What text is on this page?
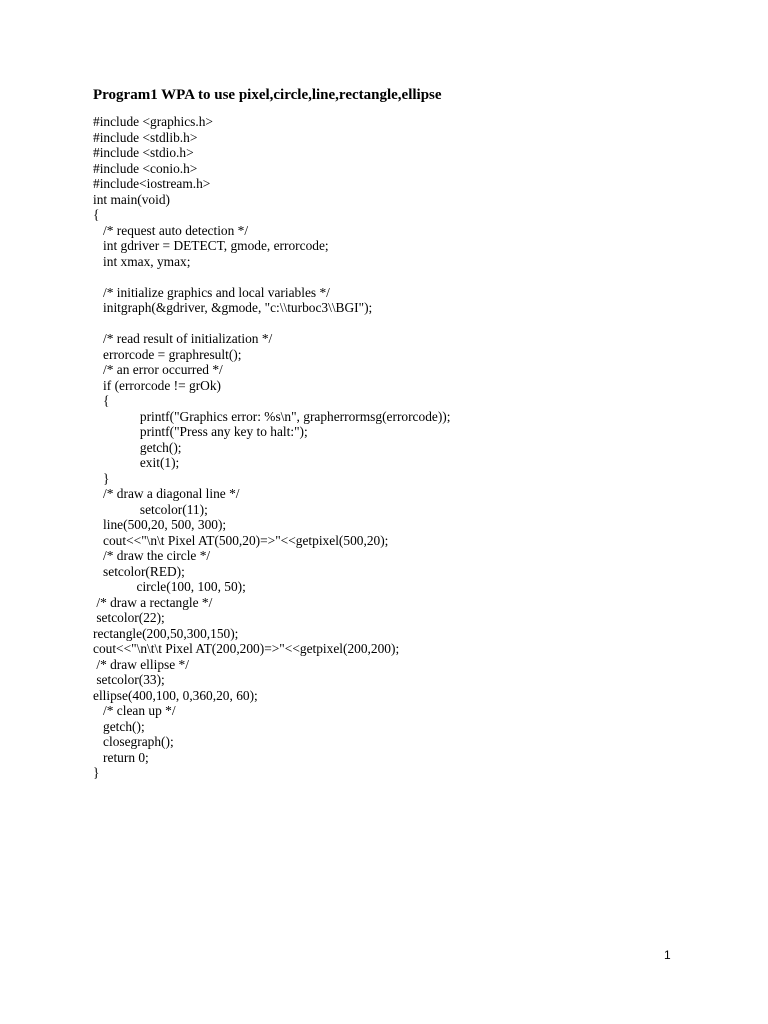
Program1 WPA to use pixel,circle,line,rectangle,ellipse
#include <graphics.h>
#include <stdlib.h>
#include <stdio.h>
#include <conio.h>
#include<iostream.h>
int main(void)
{
/* request auto detection */
int gdriver = DETECT, gmode, errorcode;
int xmax, ymax;
/* initialize graphics and local variables */
initgraph(&gdriver, &gmode, "c:\\turboc3\\BGI");
/* read result of initialization */
errorcode = graphresult();
/* an error occurred */
if (errorcode != grOk)
{
printf("Graphics error: %s\n", grapherrormsg(errorcode));
printf("Press any key to halt:");
getch();
exit(1);
}
/* draw a diagonal line */
setcolor(11);
line(500,20, 500, 300);
cout<<"\n\t Pixel AT(500,20)=>"<<getpixel(500,20);
/* draw the circle */
setcolor(RED);
circle(100, 100, 50);
/* draw a rectangle */
setcolor(22);
rectangle(200,50,300,150);
cout<<"\n\t\t Pixel AT(200,200)=>"<<getpixel(200,200);
/* draw ellipse */
setcolor(33);
ellipse(400,100, 0,360,20, 60);
/* clean up */
getch();
closegraph();
return 0;
}
1
